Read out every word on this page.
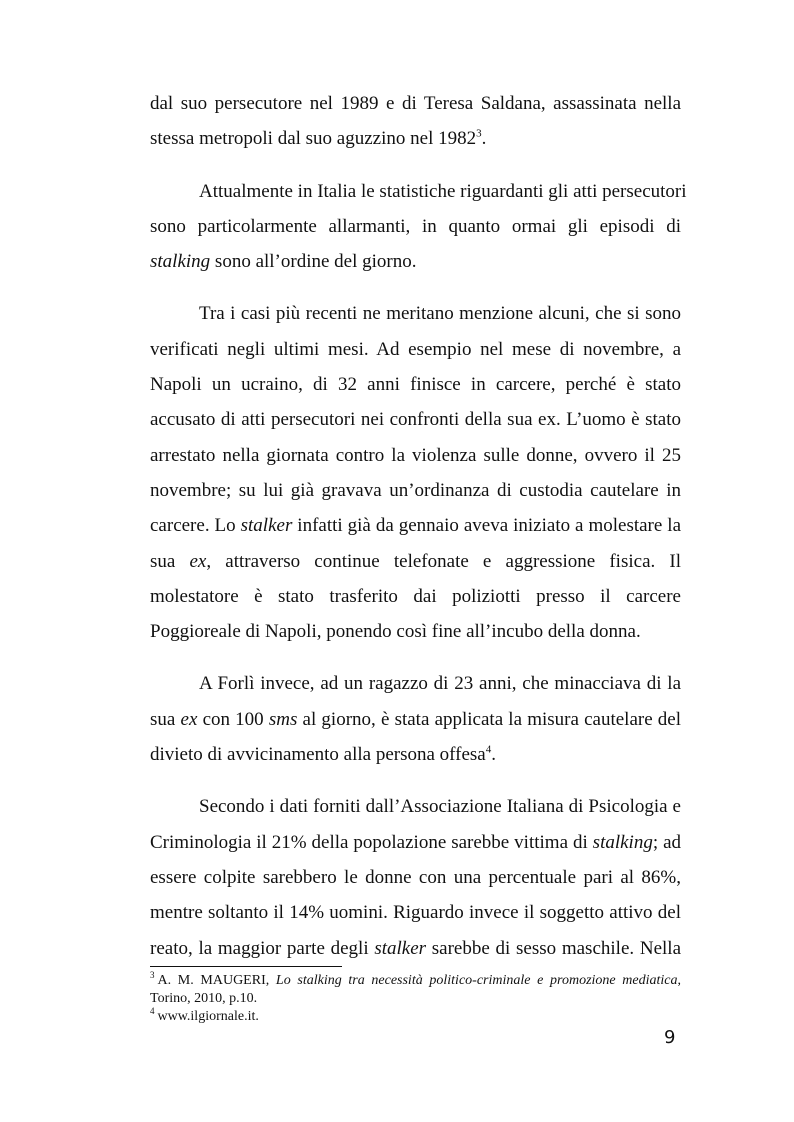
dal suo persecutore nel 1989 e di Teresa Saldana, assassinata nella
stessa metropoli dal suo aguzzino nel 1982$^3$.
Attualmente in Italia le statistiche riguardanti gli atti persecutori
sono particolarmente allarmanti, in quanto ormai gli episodi di
stalking sono all’ordine del giorno.
Tra i casi più recenti ne meritano menzione alcuni, che si sono
verificati negli ultimi mesi. Ad esempio nel mese di novembre, a
Napoli un ucraino, di 32 anni finisce in carcere, perché è stato
accusato di atti persecutori nei confronti della sua ex. L’uomo è stato
arrestato nella giornata contro la violenza sulle donne, ovvero il 25
novembre; su lui già gravava un’ordinanza di custodia cautelare in
carcere. Lo stalker infatti già da gennaio aveva iniziato a molestare la
sua ex, attraverso continue telefonate e aggressione fisica. Il
molestatore è stato trasferito dai poliziotti presso il carcere
Poggioreale di Napoli, ponendo così fine all’incubo della donna.
A Forlì invece, ad un ragazzo di 23 anni, che minacciava di la
sua ex con 100 sms al giorno, è stata applicata la misura cautelare del
divieto di avvicinamento alla persona offesa$^4$.
Secondo i dati forniti dall’Associazione Italiana di Psicologia e
Criminologia il 21% della popolazione sarebbe vittima di stalking; ad
essere colpite sarebbero le donne con una percentuale pari al 86%,
mentre soltanto il 14% uomini. Riguardo invece il soggetto attivo del
reato, la maggior parte degli stalker sarebbe di sesso maschile. Nella
$^3$ A. M. MAUGERI, Lo stalking tra necessità politico-criminale e promozione mediatica,
Torino, 2010, p.10.
$^4$ www.ilgiornale.it.
9
